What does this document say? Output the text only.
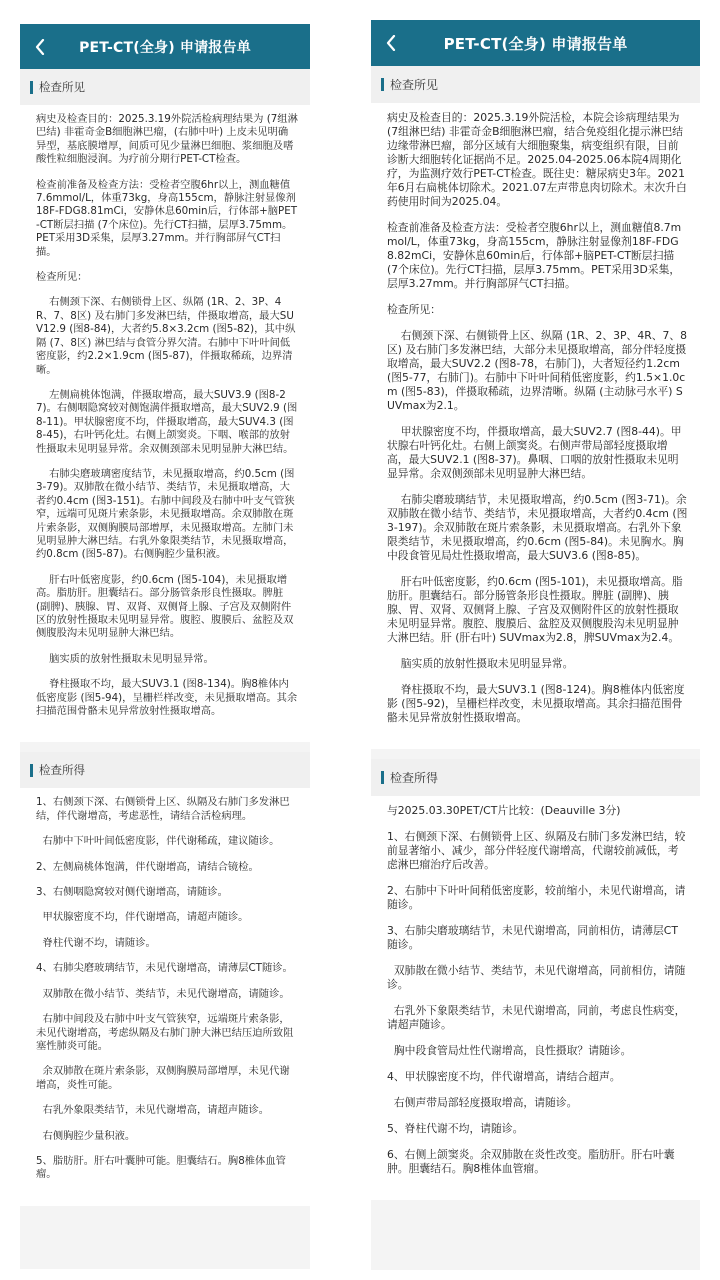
PET-CT(全身) 申请报告单
检查所见

病史及检查目的：2025.3.19外院活检病理结果为 (7组淋巴结) 非霍奇金B细胞淋巴瘤，(右肺中叶) 上皮未见明确异型，基底膜增厚，间质可见少量淋巴细胞、浆细胞及嗜酸性粒细胞浸润。为疗前分期行PET-CT检查。

检查前准备及检查方法：受检者空腹6hr以上，测血糖值7.6mmol/L，体重73kg，身高155cm，静脉注射显像剂18F-FDG8.81mCi，安静休息60min后，行体部+脑PET-CT断层扫描 (7个床位)。先行CT扫描，层厚3.75mm。PET采用3D采集，层厚3.27mm。并行胸部屏气CT扫描。

检查所见：

右侧颈下深、右侧锁骨上区、纵隔 (1R、2、3P、4R、7、8区) 及右肺门多发淋巴结，伴摄取增高，最大SUV12.9 (图8-84)，大者约5.8×3.2cm (图5-82)，其中纵隔 (7、8区) 淋巴结与食管分界欠清。右肺中下叶叶间低密度影，约2.2×1.9cm (图5-87)，伴摄取稀疏，边界清晰。

左侧扁桃体饱满，伴摄取增高，最大SUV3.9 (图8-27)。右侧咽隐窝较对侧饱满伴摄取增高，最大SUV2.9 (图8-11)。甲状腺密度不均，伴摄取增高，最大SUV4.3 (图8-45)，右叶钙化灶。右侧上颌窦炎。下咽、喉部的放射性摄取未见明显异常。余双侧颈部未见明显肿大淋巴结。

右肺尖磨玻璃密度结节，未见摄取增高，约0.5cm (图3-79)。双肺散在微小结节、类结节，未见摄取增高，大者约0.4cm (图3-151)。右肺中间段及右肺中叶支气管狭窄，远端可见斑片索条影，未见摄取增高。余双肺散在斑片索条影，双侧胸膜局部增厚，未见摄取增高。左肺门未见明显肿大淋巴结。右乳外象限类结节，未见摄取增高，约0.8cm (图5-87)。右侧胸腔少量积液。

肝右叶低密度影，约0.6cm (图5-104)，未见摄取增高。脂肪肝。胆囊结石。部分肠管条形良性摄取。脾脏 (副脾)、胰腺、胃、双肾、双侧肾上腺、子宫及双侧附件区的放射性摄取未见明显异常。腹腔、腹膜后、盆腔及双侧腹股沟未见明显肿大淋巴结。

脑实质的放射性摄取未见明显异常。

脊柱摄取不均，最大SUV3.1 (图8-134)。胸8椎体内低密度影 (图5-94)，呈栅栏样改变，未见摄取增高。其余扫描范围骨骼未见异常放射性摄取增高。

检查所得

1、右侧颈下深、右侧锁骨上区、纵隔及右肺门多发淋巴结，伴代谢增高，考虑恶性，请结合活检病理。

右肺中下叶叶间低密度影，伴代谢稀疏，建议随诊。

2、左侧扁桃体饱满，伴代谢增高，请结合镜检。

3、右侧咽隐窝较对侧代谢增高，请随诊。

甲状腺密度不均，伴代谢增高，请超声随诊。

脊柱代谢不均，请随诊。

4、右肺尖磨玻璃结节，未见代谢增高，请薄层CT随诊。

双肺散在微小结节、类结节，未见代谢增高，请随诊。

右肺中间段及右肺中叶支气管狭窄，远端斑片索条影，未见代谢增高，考虑纵隔及右肺门肿大淋巴结压迫所致阻塞性肺炎可能。

余双肺散在斑片索条影，双侧胸膜局部增厚，未见代谢增高，炎性可能。

右乳外象限类结节，未见代谢增高，请超声随诊。

右侧胸腔少量积液。

5、脂肪肝。肝右叶囊肿可能。胆囊结石。胸8椎体血管瘤。

PET-CT(全身) 申请报告单
检查所见

病史及检查目的：2025.3.19外院活检，本院会诊病理结果为 (7组淋巴结) 非霍奇金B细胞淋巴瘤，结合免疫组化提示淋巴结边缘带淋巴瘤，部分区域有大细胞聚集，病变组织有限，目前诊断大细胞转化证据尚不足。2025.04-2025.06本院4周期化疗，为监测疗效行PET-CT检查。既往史：糖尿病史3年。2021年6月右扁桃体切除术。2021.07左声带息肉切除术。末次升白药使用时间为2025.04。

检查前准备及检查方法：受检者空腹6hr以上，测血糖值8.7mmol/L，体重73kg，身高155cm，静脉注射显像剂18F-FDG8.82mCi，安静休息60min后，行体部+脑PET-CT断层扫描 (7个床位)。先行CT扫描，层厚3.75mm。PET采用3D采集，层厚3.27mm。并行胸部屏气CT扫描。

检查所见：

右侧颈下深、右侧锁骨上区、纵隔 (1R、2、3P、4R、7、8区) 及右肺门多发淋巴结，大部分未见摄取增高，部分伴轻度摄取增高，最大SUV2.2 (图8-78，右肺门)，大者短径约1.2cm (图5-77，右肺门)。右肺中下叶叶间稍低密度影，约1.5×1.0cm (图5-83)，伴摄取稀疏，边界清晰。纵隔 (主动脉弓水平) SUVmax为2.1。

甲状腺密度不均，伴摄取增高，最大SUV2.7 (图8-44)。甲状腺右叶钙化灶。右侧上颌窦炎。右侧声带局部轻度摄取增高，最大SUV2.1 (图8-37)。鼻咽、口咽的放射性摄取未见明显异常。余双侧颈部未见明显肿大淋巴结。

右肺尖磨玻璃结节，未见摄取增高，约0.5cm (图3-71)。余双肺散在微小结节、类结节，未见摄取增高，大者约0.4cm (图3-197)。余双肺散在斑片索条影，未见摄取增高。右乳外下象限类结节，未见摄取增高，约0.6cm (图5-84)。未见胸水。胸中段食管见局灶性摄取增高，最大SUV3.6 (图8-85)。

肝右叶低密度影，约0.6cm (图5-101)，未见摄取增高。脂肪肝。胆囊结石。部分肠管条形良性摄取。脾脏 (副脾)、胰腺、胃、双肾、双侧肾上腺、子宫及双侧附件区的放射性摄取未见明显异常。腹腔、腹膜后、盆腔及双侧腹股沟未见明显肿大淋巴结。肝 (肝右叶) SUVmax为2.8，脾SUVmax为2.4。

脑实质的放射性摄取未见明显异常。

脊柱摄取不均，最大SUV3.1 (图8-124)。胸8椎体内低密度影 (图5-92)，呈栅栏样改变，未见摄取增高。其余扫描范围骨骼未见异常放射性摄取增高。

检查所得

与2025.03.30PET/CT片比较：(Deauville 3分)

1、右侧颈下深、右侧锁骨上区、纵隔及右肺门多发淋巴结，较前显著缩小、减少，部分伴轻度代谢增高，代谢较前减低，考虑淋巴瘤治疗后改善。

2、右肺中下叶叶间稍低密度影，较前缩小，未见代谢增高，请随诊。

3、右肺尖磨玻璃结节，未见代谢增高，同前相仿，请薄层CT随诊。

双肺散在微小结节、类结节，未见代谢增高，同前相仿，请随诊。

右乳外下象限类结节，未见代谢增高，同前，考虑良性病变，请超声随诊。

胸中段食管局灶性代谢增高，良性摄取？请随诊。

4、甲状腺密度不均，伴代谢增高，请结合超声。

右侧声带局部轻度摄取增高，请随诊。

5、脊柱代谢不均，请随诊。

6、右侧上颌窦炎。余双肺散在炎性改变。脂肪肝。肝右叶囊肿。胆囊结石。胸8椎体血管瘤。
